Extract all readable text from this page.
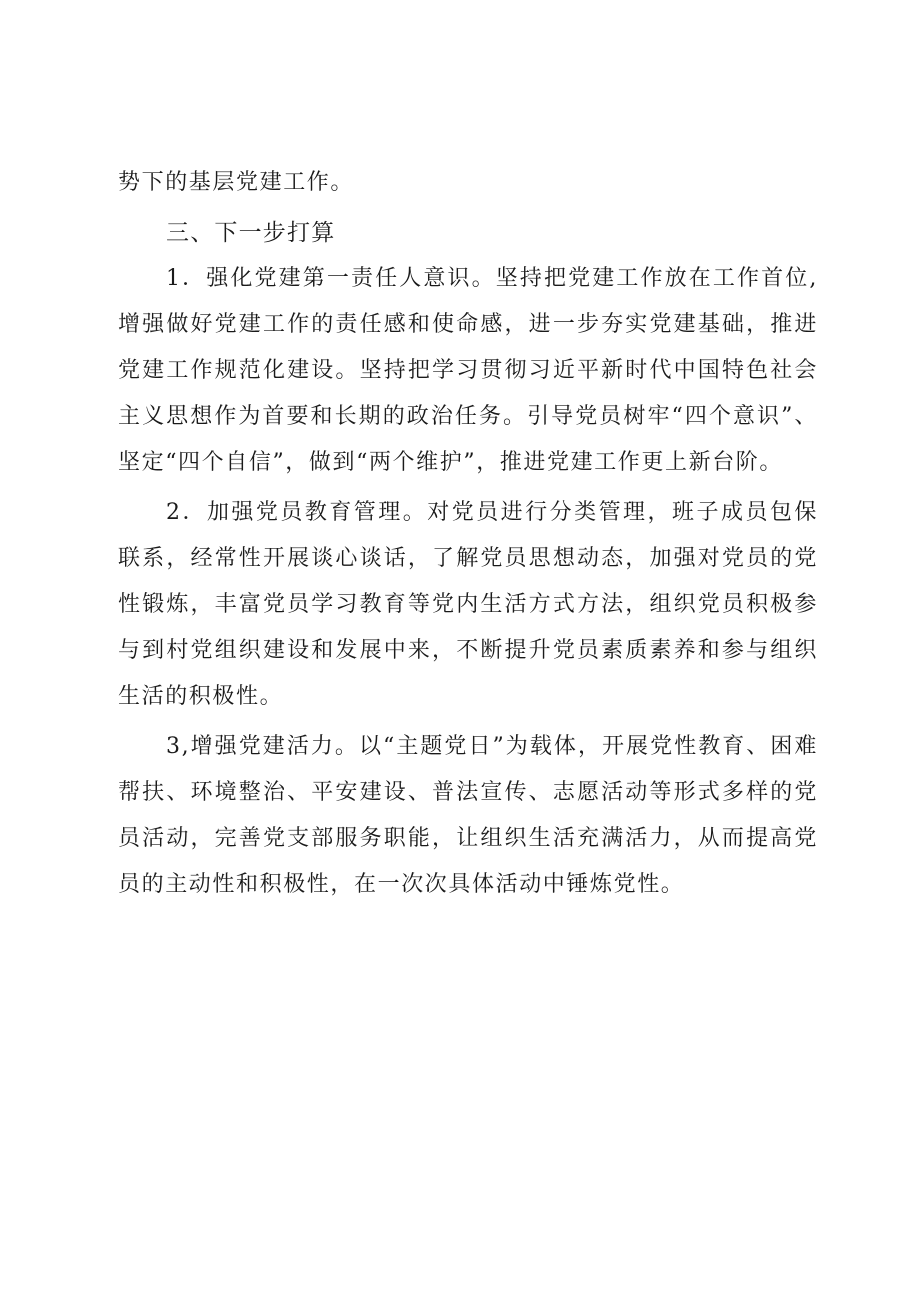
势下的基层党建工作。

三、下一步打算

1．强化党建第一责任人意识。坚持把党建工作放在工作首位,增强做好党建工作的责任感和使命感，进一步夯实党建基础，推进党建工作规范化建设。坚持把学习贯彻习近平新时代中国特色社会主义思想作为首要和长期的政治任务。引导党员树牢“四个意识”、坚定“四个自信”，做到“两个维护”，推进党建工作更上新台阶。

2．加强党员教育管理。对党员进行分类管理，班子成员包保联系，经常性开展谈心谈话，了解党员思想动态，加强对党员的党性锻炼，丰富党员学习教育等党内生活方式方法，组织党员积极参与到村党组织建设和发展中来，不断提升党员素质素养和参与组织生活的积极性。

3,增强党建活力。以“主题党日”为载体，开展党性教育、困难帮扶、环境整治、平安建设、普法宣传、志愿活动等形式多样的党员活动，完善党支部服务职能，让组织生活充满活力，从而提高党员的主动性和积极性，在一次次具体活动中锤炼党性。
